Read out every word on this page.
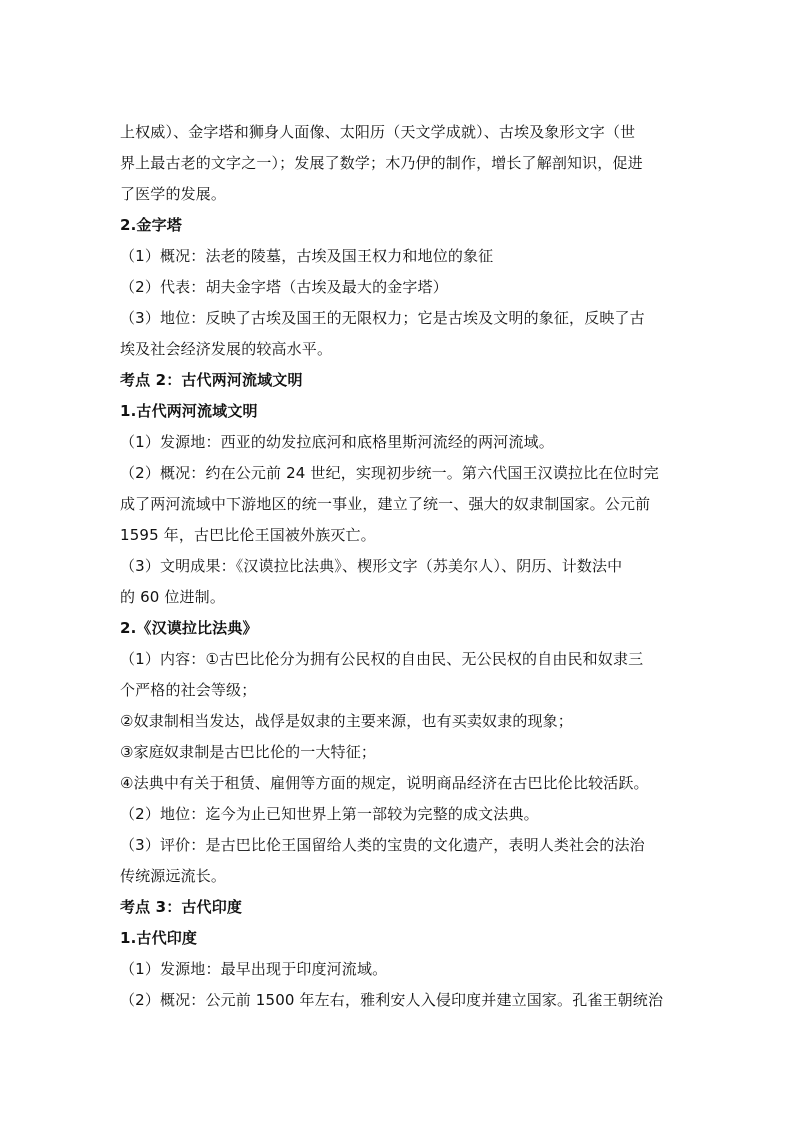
上权威）、金字塔和狮身人面像、太阳历（天文学成就）、古埃及象形文字（世
界上最古老的文字之一）；发展了数学；木乃伊的制作，增长了解剖知识，促进
了医学的发展。
2.金字塔
（1）概况：法老的陵墓，古埃及国王权力和地位的象征
（2）代表：胡夫金字塔（古埃及最大的金字塔）
（3）地位：反映了古埃及国王的无限权力；它是古埃及文明的象征，反映了古
埃及社会经济发展的较高水平。
考点 2：古代两河流域文明
1.古代两河流域文明
（1）发源地：西亚的幼发拉底河和底格里斯河流经的两河流域。
（2）概况：约在公元前 24 世纪，实现初步统一。第六代国王汉谟拉比在位时完
成了两河流域中下游地区的统一事业，建立了统一、强大的奴隶制国家。公元前
1595 年，古巴比伦王国被外族灭亡。
（3）文明成果：《汉谟拉比法典》、楔形文字（苏美尔人）、阴历、计数法中
的 60 位进制。
2.《汉谟拉比法典》
（1）内容：①古巴比伦分为拥有公民权的自由民、无公民权的自由民和奴隶三
个严格的社会等级；
②奴隶制相当发达，战俘是奴隶的主要来源，也有买卖奴隶的现象；
③家庭奴隶制是古巴比伦的一大特征；
④法典中有关于租赁、雇佣等方面的规定，说明商品经济在古巴比伦比较活跃。
（2）地位：迄今为止已知世界上第一部较为完整的成文法典。
（3）评价：是古巴比伦王国留给人类的宝贵的文化遗产，表明人类社会的法治
传统源远流长。
考点 3：古代印度
1.古代印度
（1）发源地：最早出现于印度河流域。
（2）概况：公元前 1500 年左右，雅利安人入侵印度并建立国家。孔雀王朝统治
